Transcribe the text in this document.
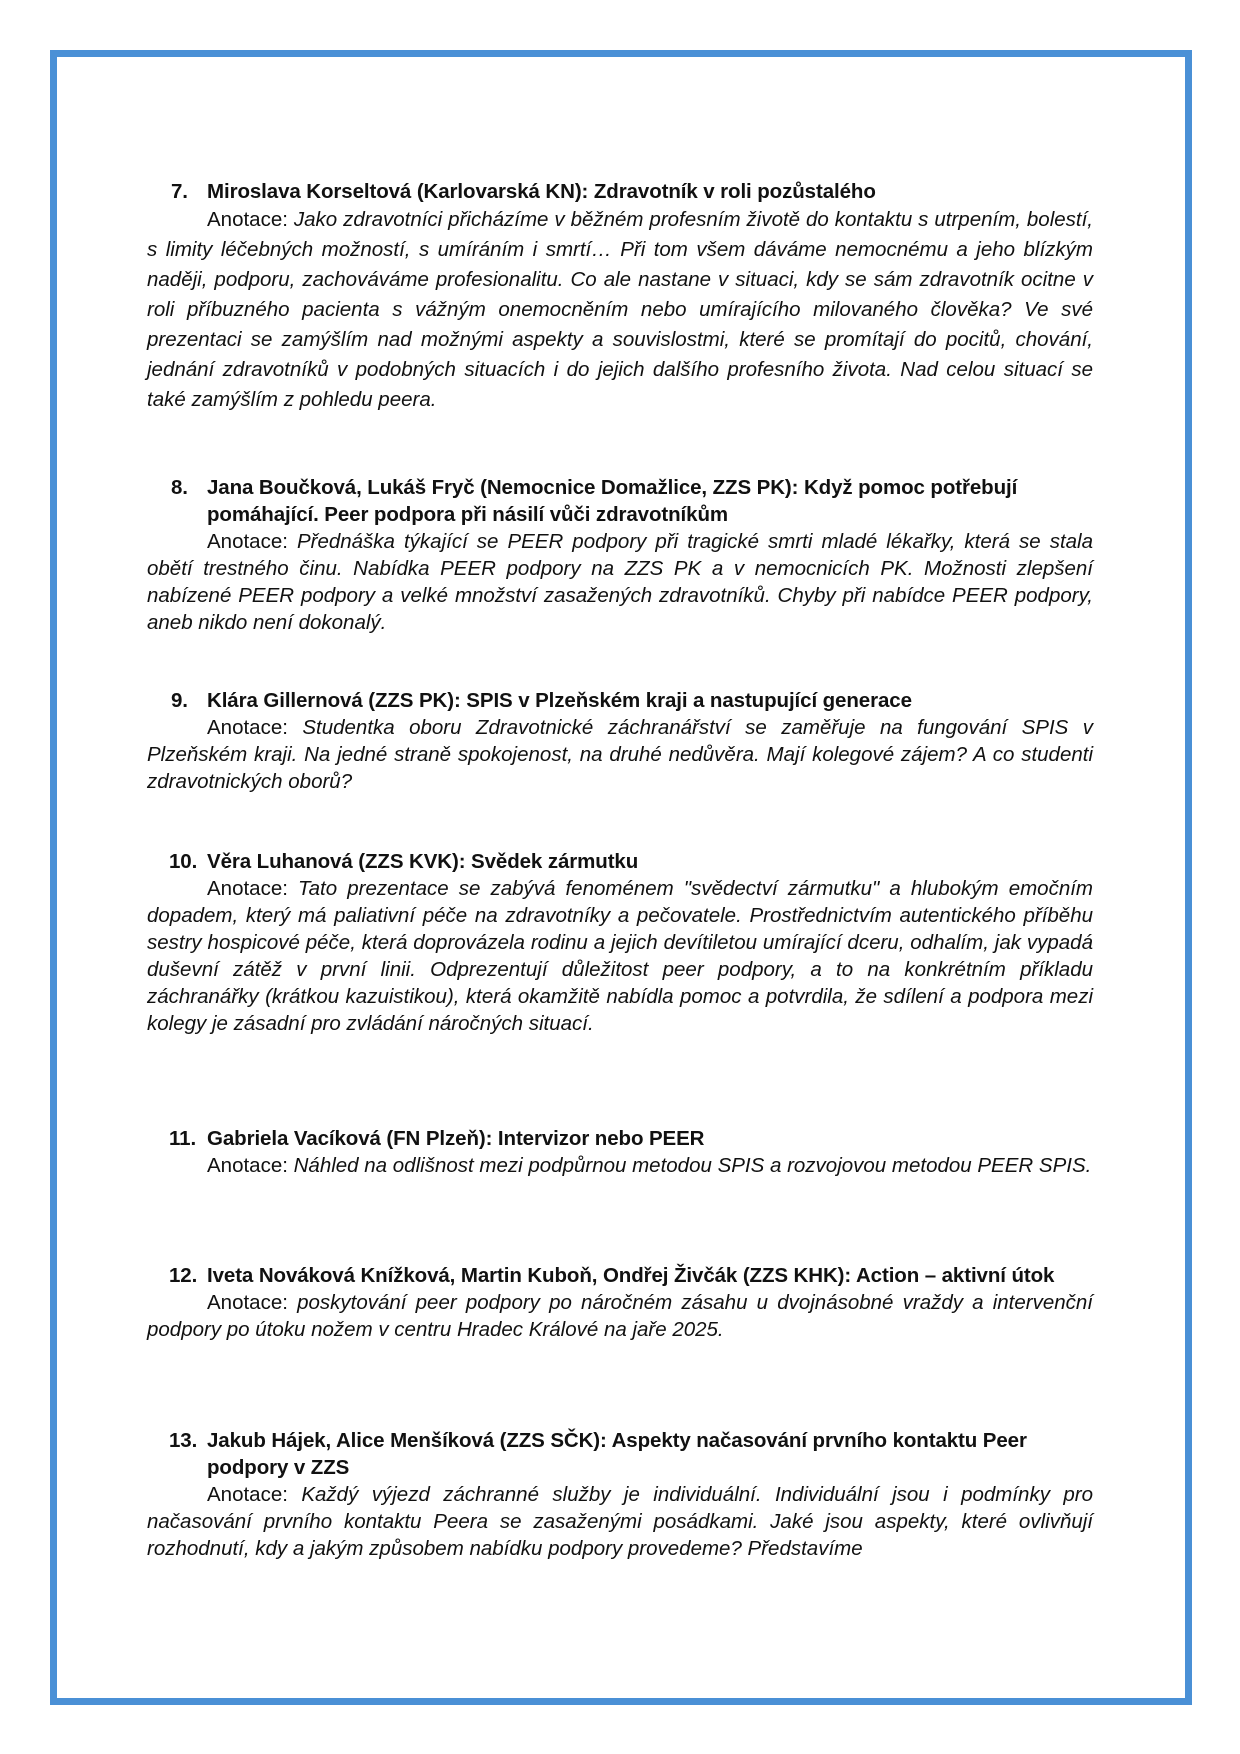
7. Miroslava Korseltová (Karlovarská KN): Zdravotník v roli pozůstalého
Anotace: Jako zdravotníci přicházíme v běžném profesním životě do kontaktu s utrpením, bolestí, s limity léčebných možností, s umíráním i smrtí… Při tom všem dáváme nemocnému a jeho blízkým naději, podporu, zachováváme profesionalitu. Co ale nastane v situaci, kdy se sám zdravotník ocitne v roli příbuzného pacienta s vážným onemocněním nebo umírajícího milovaného člověka? Ve své prezentaci se zamýšlím nad možnými aspekty a souvislostmi, které se promítají do pocitů, chování, jednání zdravotníků v podobných situacích i do jejich dalšího profesního života. Nad celou situací se také zamýšlím z pohledu peera.
8. Jana Boučková, Lukáš Fryč (Nemocnice Domažlice, ZZS PK): Když pomoc potřebují pomáhající. Peer podpora při násilí vůči zdravotníkům
Anotace: Přednáška týkající se PEER podpory při tragické smrti mladé lékařky, která se stala obětí trestného činu. Nabídka PEER podpory na ZZS PK a v nemocnicích PK. Možnosti zlepšení nabízené PEER podpory a velké množství zasažených zdravotníků. Chyby při nabídce PEER podpory, aneb nikdo není dokonalý.
9. Klára Gillernová (ZZS PK): SPIS v Plzeňském kraji a nastupující generace
Anotace: Studentka oboru Zdravotnické záchranářství se zaměřuje na fungování SPIS v Plzeňském kraji. Na jedné straně spokojenost, na druhé nedůvěra. Mají kolegové zájem? A co studenti zdravotnických oborů?
10. Věra Luhanová (ZZS KVK): Svědek zármutku
Anotace: Tato prezentace se zabývá fenoménem "svědectví zármutku" a hlubokým emočním dopadem, který má paliativní péče na zdravotníky a pečovatele. Prostřednictvím autentického příběhu sestry hospicové péče, která doprovázela rodinu a jejich devítiletou umírající dceru, odhalím, jak vypadá duševní zátěž v první linii. Odprezentují důležitost peer podpory, a to na konkrétním příkladu záchranářky (krátkou kazuistikou), která okamžitě nabídla pomoc a potvrdila, že sdílení a podpora mezi kolegy je zásadní pro zvládání náročných situací.
11. Gabriela Vacíková (FN Plzeň): Intervizor nebo PEER
Anotace: Náhled na odlišnost mezi podpůrnou metodou SPIS a rozvojovou metodou PEER SPIS.
12. Iveta Nováková Knížková, Martin Kuboň, Ondřej Živčák (ZZS KHK): Action – aktivní útok
Anotace: poskytování peer podpory po náročném zásahu u dvojnásobné vraždy a intervenční podpory po útoku nožem v centru Hradec Králové na jaře 2025.
13. Jakub Hájek, Alice Menšíková (ZZS SČK): Aspekty načasování prvního kontaktu Peer podpory v ZZS
Anotace: Každý výjezd záchranné služby je individuální. Individuální jsou i podmínky pro načasování prvního kontaktu Peera se zasaženými posádkami. Jaké jsou aspekty, které ovlivňují rozhodnutí, kdy a jakým způsobem nabídku podpory provedeme? Představíme
